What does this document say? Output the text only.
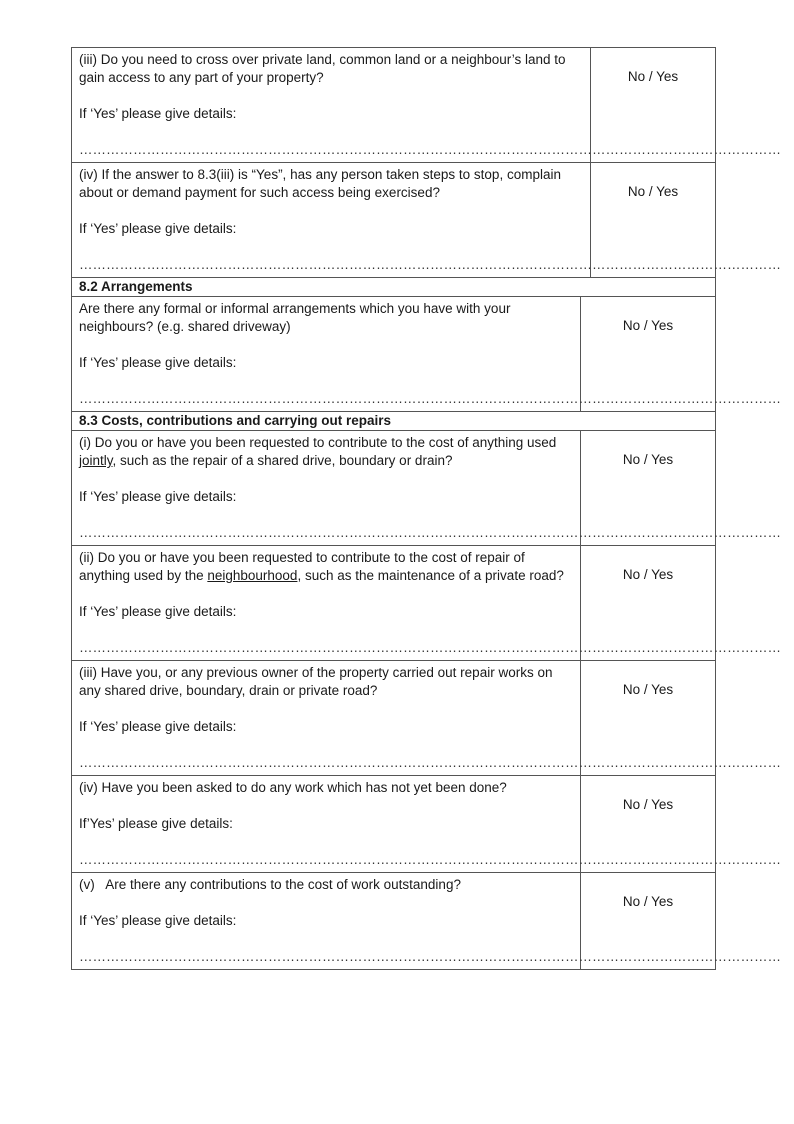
(iii) Do you need to cross over private land, common land or a neighbour’s land to
gain access to any part of your property?
If ‘Yes’ please give details:
…………………………………………………………………………………………………………………………………………
No / Yes
(iv) If the answer to 8.3(iii) is “Yes”, has any person taken steps to stop, complain
about or demand payment for such access being exercised?
If ‘Yes’ please give details:
…………………………………………………………………………………………………………………………………………
No / Yes
8.2 Arrangements
Are there any formal or informal arrangements which you have with your
neighbours? (e.g. shared driveway)
If ‘Yes’ please give details:
…………………………………………………………………………………………………………………………………………
No / Yes
8.3 Costs, contributions and carrying out repairs
(i) Do you or have you been requested to contribute to the cost of anything used
jointly, such as the repair of a shared drive, boundary or drain?
If ‘Yes’ please give details:
…………………………………………………………………………………………………………………………………………
No / Yes
(ii) Do you or have you been requested to contribute to the cost of repair of
anything used by the neighbourhood, such as the maintenance of a private road?
If ‘Yes’ please give details:
…………………………………………………………………………………………………………………………………………
No / Yes
(iii) Have you, or any previous owner of the property carried out repair works on
any shared drive, boundary, drain or private road?
If ‘Yes’ please give details:
…………………………………………………………………………………………………………………………………………
No / Yes
(iv) Have you been asked to do any work which has not yet been done?
If’Yes’ please give details:
…………………………………………………………………………………………………………………………………………
No / Yes
(v)   Are there any contributions to the cost of work outstanding?
If ‘Yes’ please give details:
…………………………………………………………………………………………………………………………………………
No / Yes
